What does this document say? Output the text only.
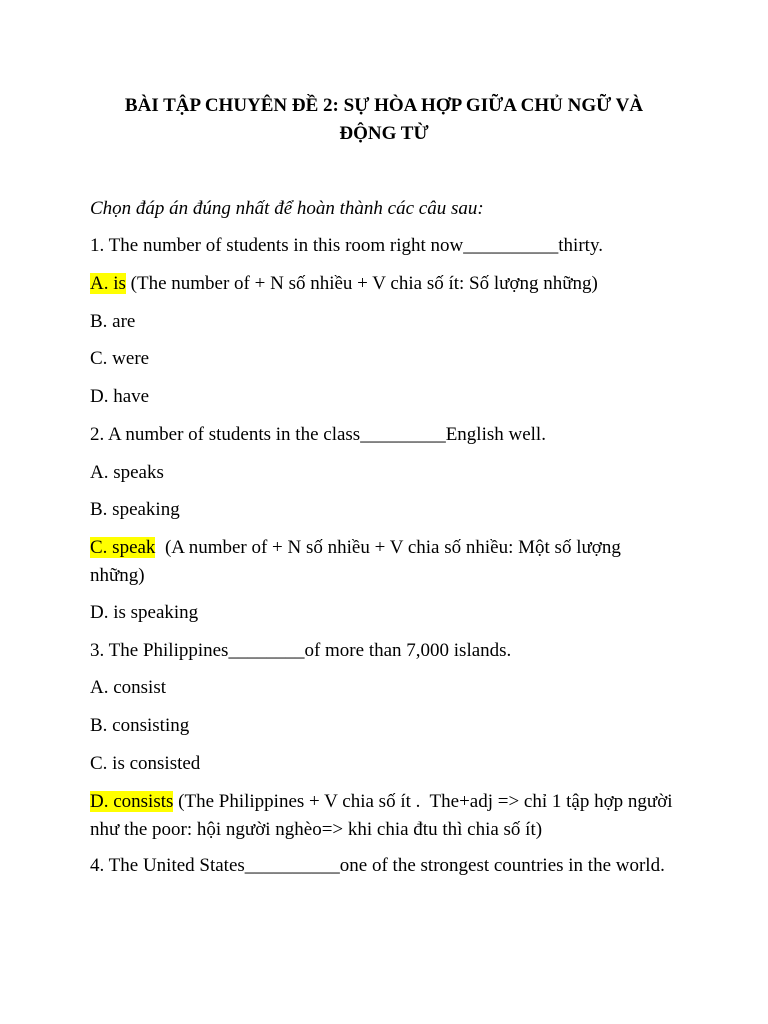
BÀI TẬP CHUYÊN ĐỀ 2: SỰ HÒA HỢP GIỮA CHỦ NGỮ VÀ ĐỘNG TỪ
Chọn đáp án đúng nhất để hoàn thành các câu sau:
1. The number of students in this room right now__________thirty.
A. is (The number of + N số nhiều + V chia số ít: Số lượng những)
B. are
C. were
D. have
2. A number of students in the class_________English well.
A. speaks
B. speaking
C. speak  (A number of + N số nhiều + V chia số nhiều: Một số lượng những)
D. is speaking
3. The Philippines________of more than 7,000 islands.
A. consist
B. consisting
C. is consisted
D. consists (The Philippines + V chia số ít .  The+adj => chỉ 1 tập hợp người như the poor: hội người nghèo=> khi chia đtu thì chia số ít)
4. The United States__________one of the strongest countries in the world.
